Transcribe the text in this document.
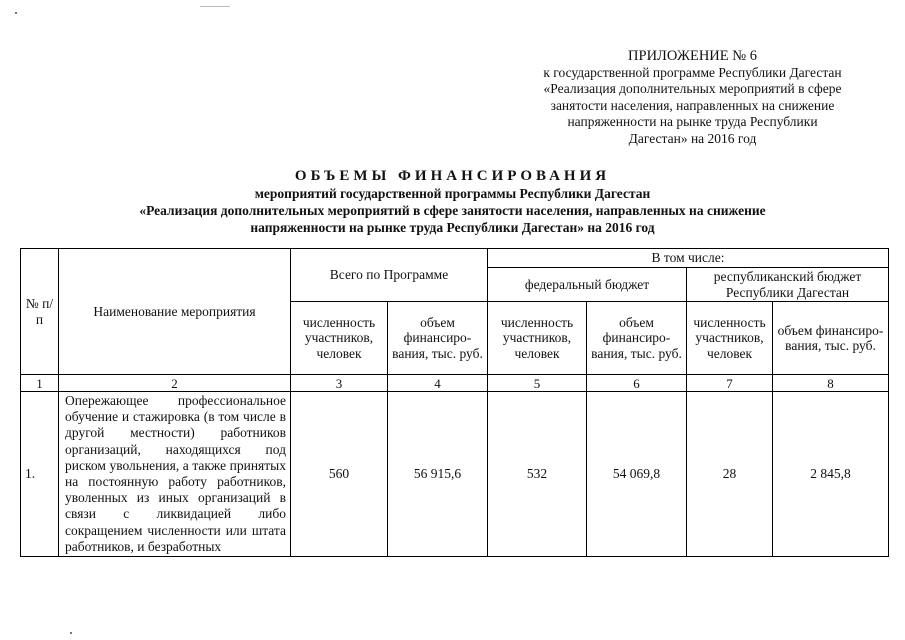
ПРИЛОЖЕНИЕ № 6
к государственной программе Республики Дагестан
«Реализация дополнительных мероприятий в сфере
занятости населения, направленных на снижение
напряженности на рынке труда Республики
Дагестан» на 2016 год
ОБЪЕМЫ ФИНАНСИРОВАНИЯ
мероприятий государственной программы Республики Дагестан
«Реализация дополнительных мероприятий в сфере занятости населения, направленных на снижение
напряженности на рынке труда Республики Дагестан» на 2016 год
№ п/п	Наименование мероприятия	Всего по Программе		В том числе:			
				федеральный бюджет		республиканский бюджет Республики Дагестан	
		численность участников, человек	объем финансиро-вания, тыс. руб.	численность участников, человек	объем финансиро-вания, тыс. руб.	численность участников, человек	объем финансиро-вания, тыс. руб.
1	2	3	4	5	6	7	8
1.	Опережающее профессиональное обучение и стажировка (в том числе в другой местности) работников организаций, находящихся под риском увольнения, а также принятых на постоянную работу работников, уволенных из иных организаций в связи с ликвидацией либо сокращением численности или штата работников, и безработных	560	56 915,6	532	54 069,8	28	2 845,8
